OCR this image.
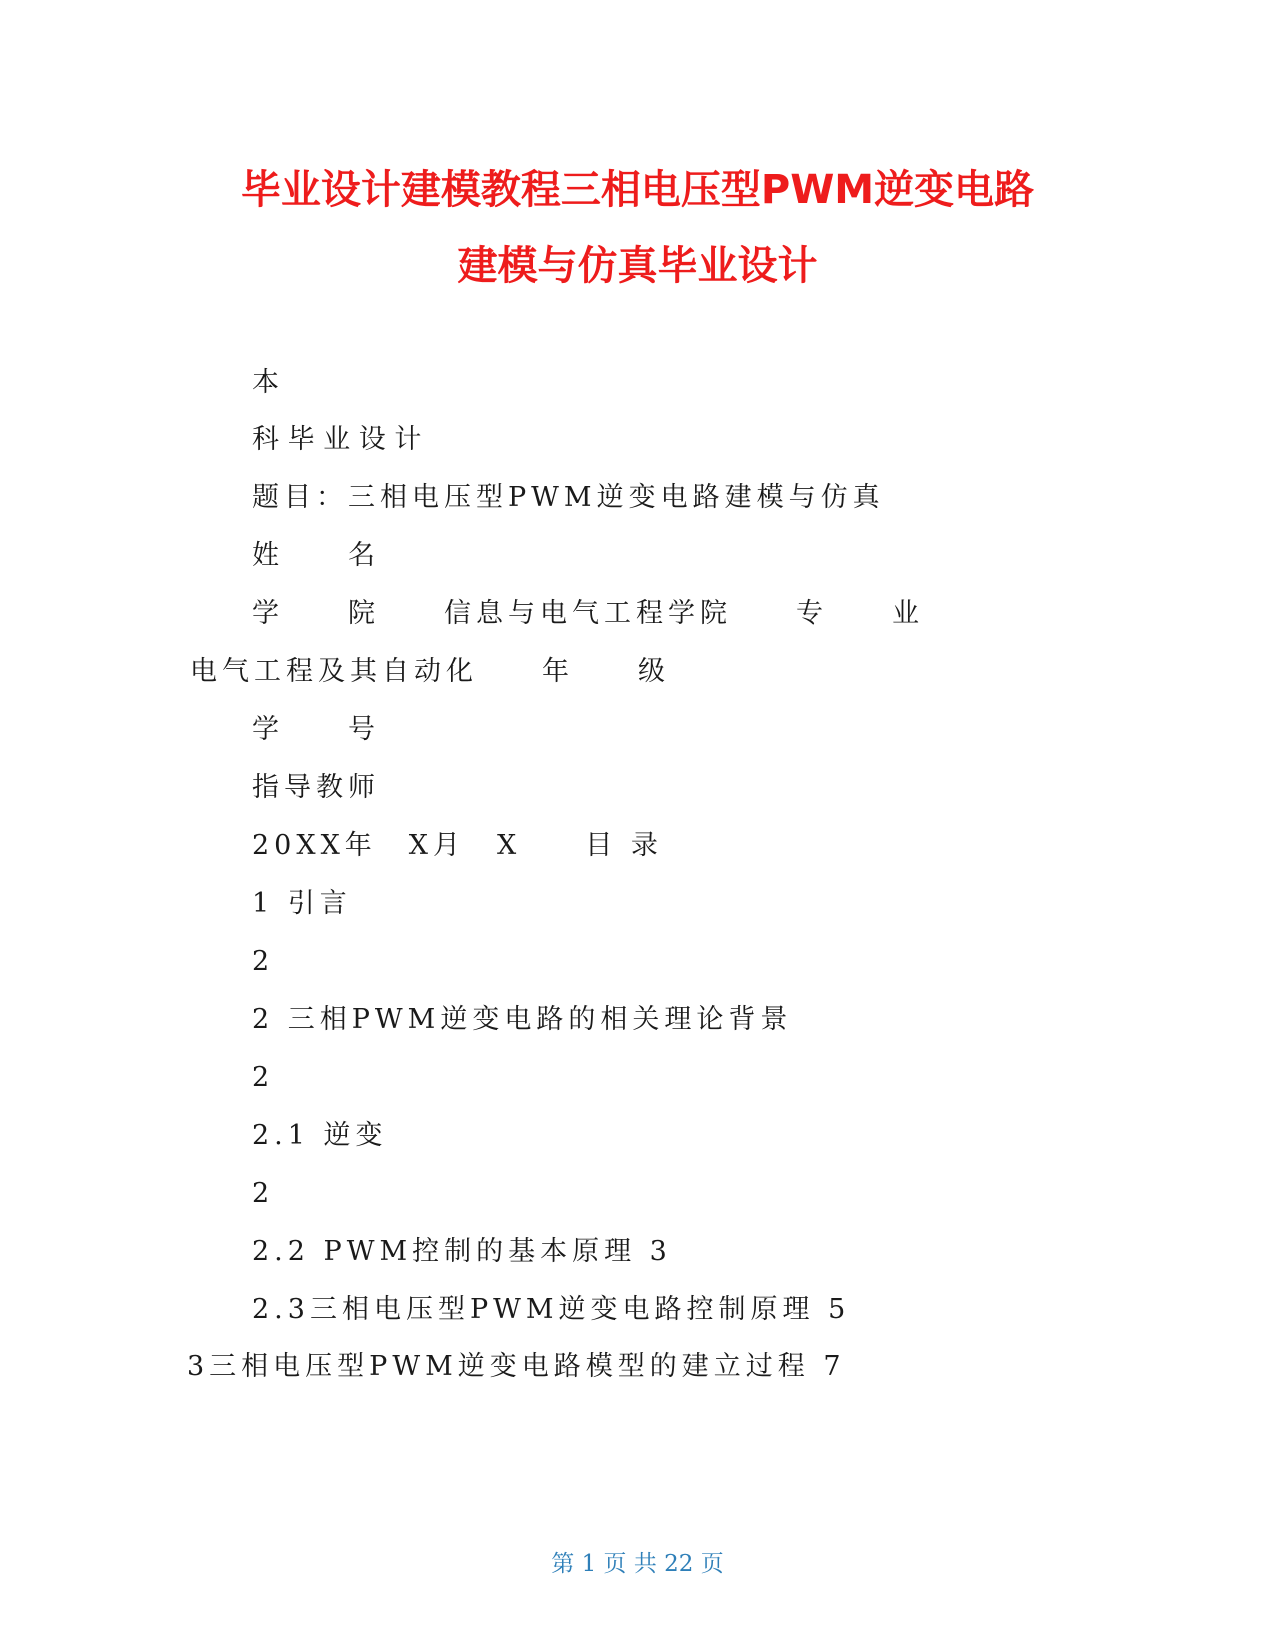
毕业设计建模教程三相电压型PWM逆变电路
建模与仿真毕业设计
本
科 毕 业 设 计
题目：三相电压型PWM逆变电路建模与仿真
姓　　名
学　　院　　信息与电气工程学院　　专　　业
电气工程及其自动化　　年　　级
学　　号
指导教师
20XX年　X月　X　　目 录
1 引言
2
2 三相PWM逆变电路的相关理论背景
2
2.1 逆变
2
2.2 PWM控制的基本原理 3
2.3三相电压型PWM逆变电路控制原理 5
3三相电压型PWM逆变电路模型的建立过程 7
第 1 页 共 22 页
